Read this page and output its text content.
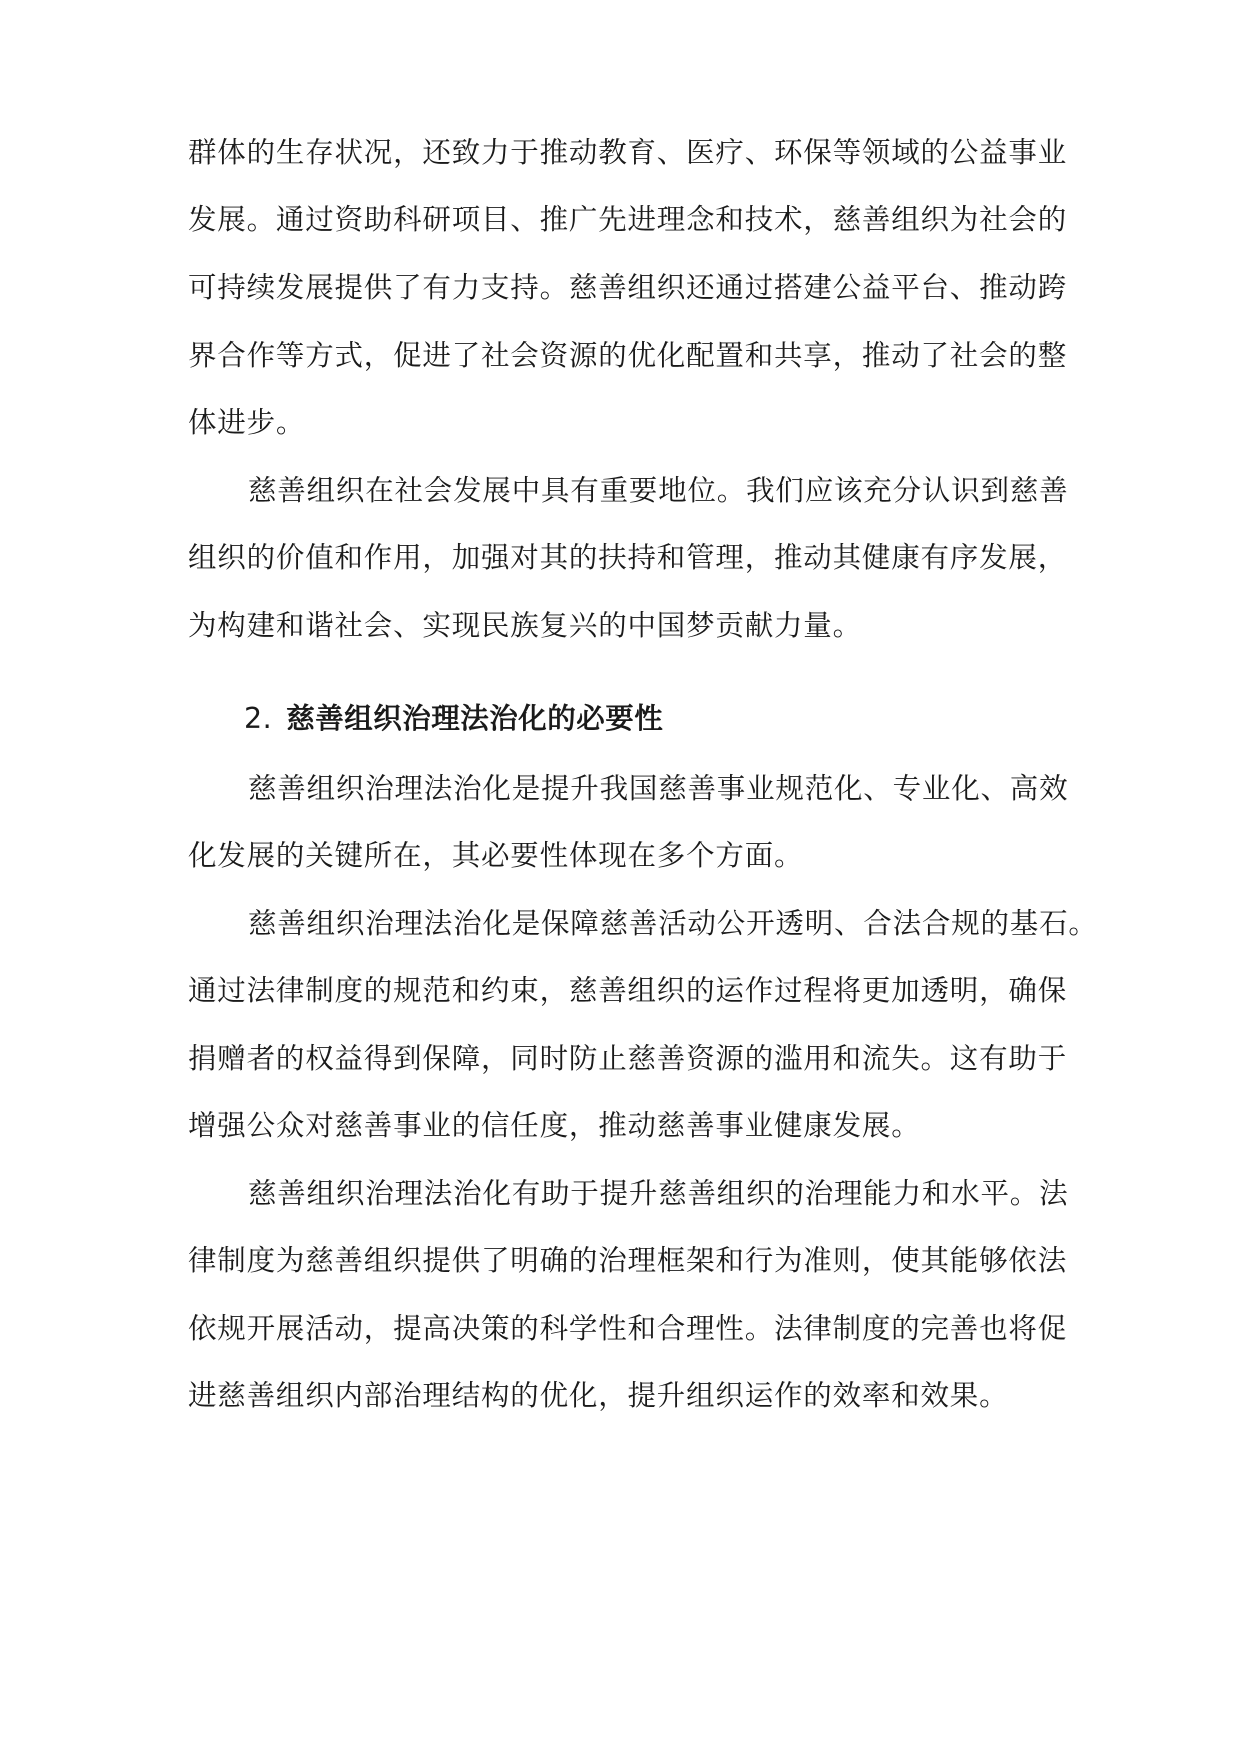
群体的生存状况，还致力于推动教育、医疗、环保等领域的公益事业
发展。通过资助科研项目、推广先进理念和技术，慈善组织为社会的
可持续发展提供了有力支持。慈善组织还通过搭建公益平台、推动跨
界合作等方式，促进了社会资源的优化配置和共享，推动了社会的整
体进步。
慈善组织在社会发展中具有重要地位。我们应该充分认识到慈善
组织的价值和作用，加强对其的扶持和管理，推动其健康有序发展，
为构建和谐社会、实现民族复兴的中国梦贡献力量。
2. 慈善组织治理法治化的必要性
慈善组织治理法治化是提升我国慈善事业规范化、专业化、高效
化发展的关键所在，其必要性体现在多个方面。
慈善组织治理法治化是保障慈善活动公开透明、合法合规的基石。
通过法律制度的规范和约束，慈善组织的运作过程将更加透明，确保
捐赠者的权益得到保障，同时防止慈善资源的滥用和流失。这有助于
增强公众对慈善事业的信任度，推动慈善事业健康发展。
慈善组织治理法治化有助于提升慈善组织的治理能力和水平。法
律制度为慈善组织提供了明确的治理框架和行为准则，使其能够依法
依规开展活动，提高决策的科学性和合理性。法律制度的完善也将促
进慈善组织内部治理结构的优化，提升组织运作的效率和效果。
